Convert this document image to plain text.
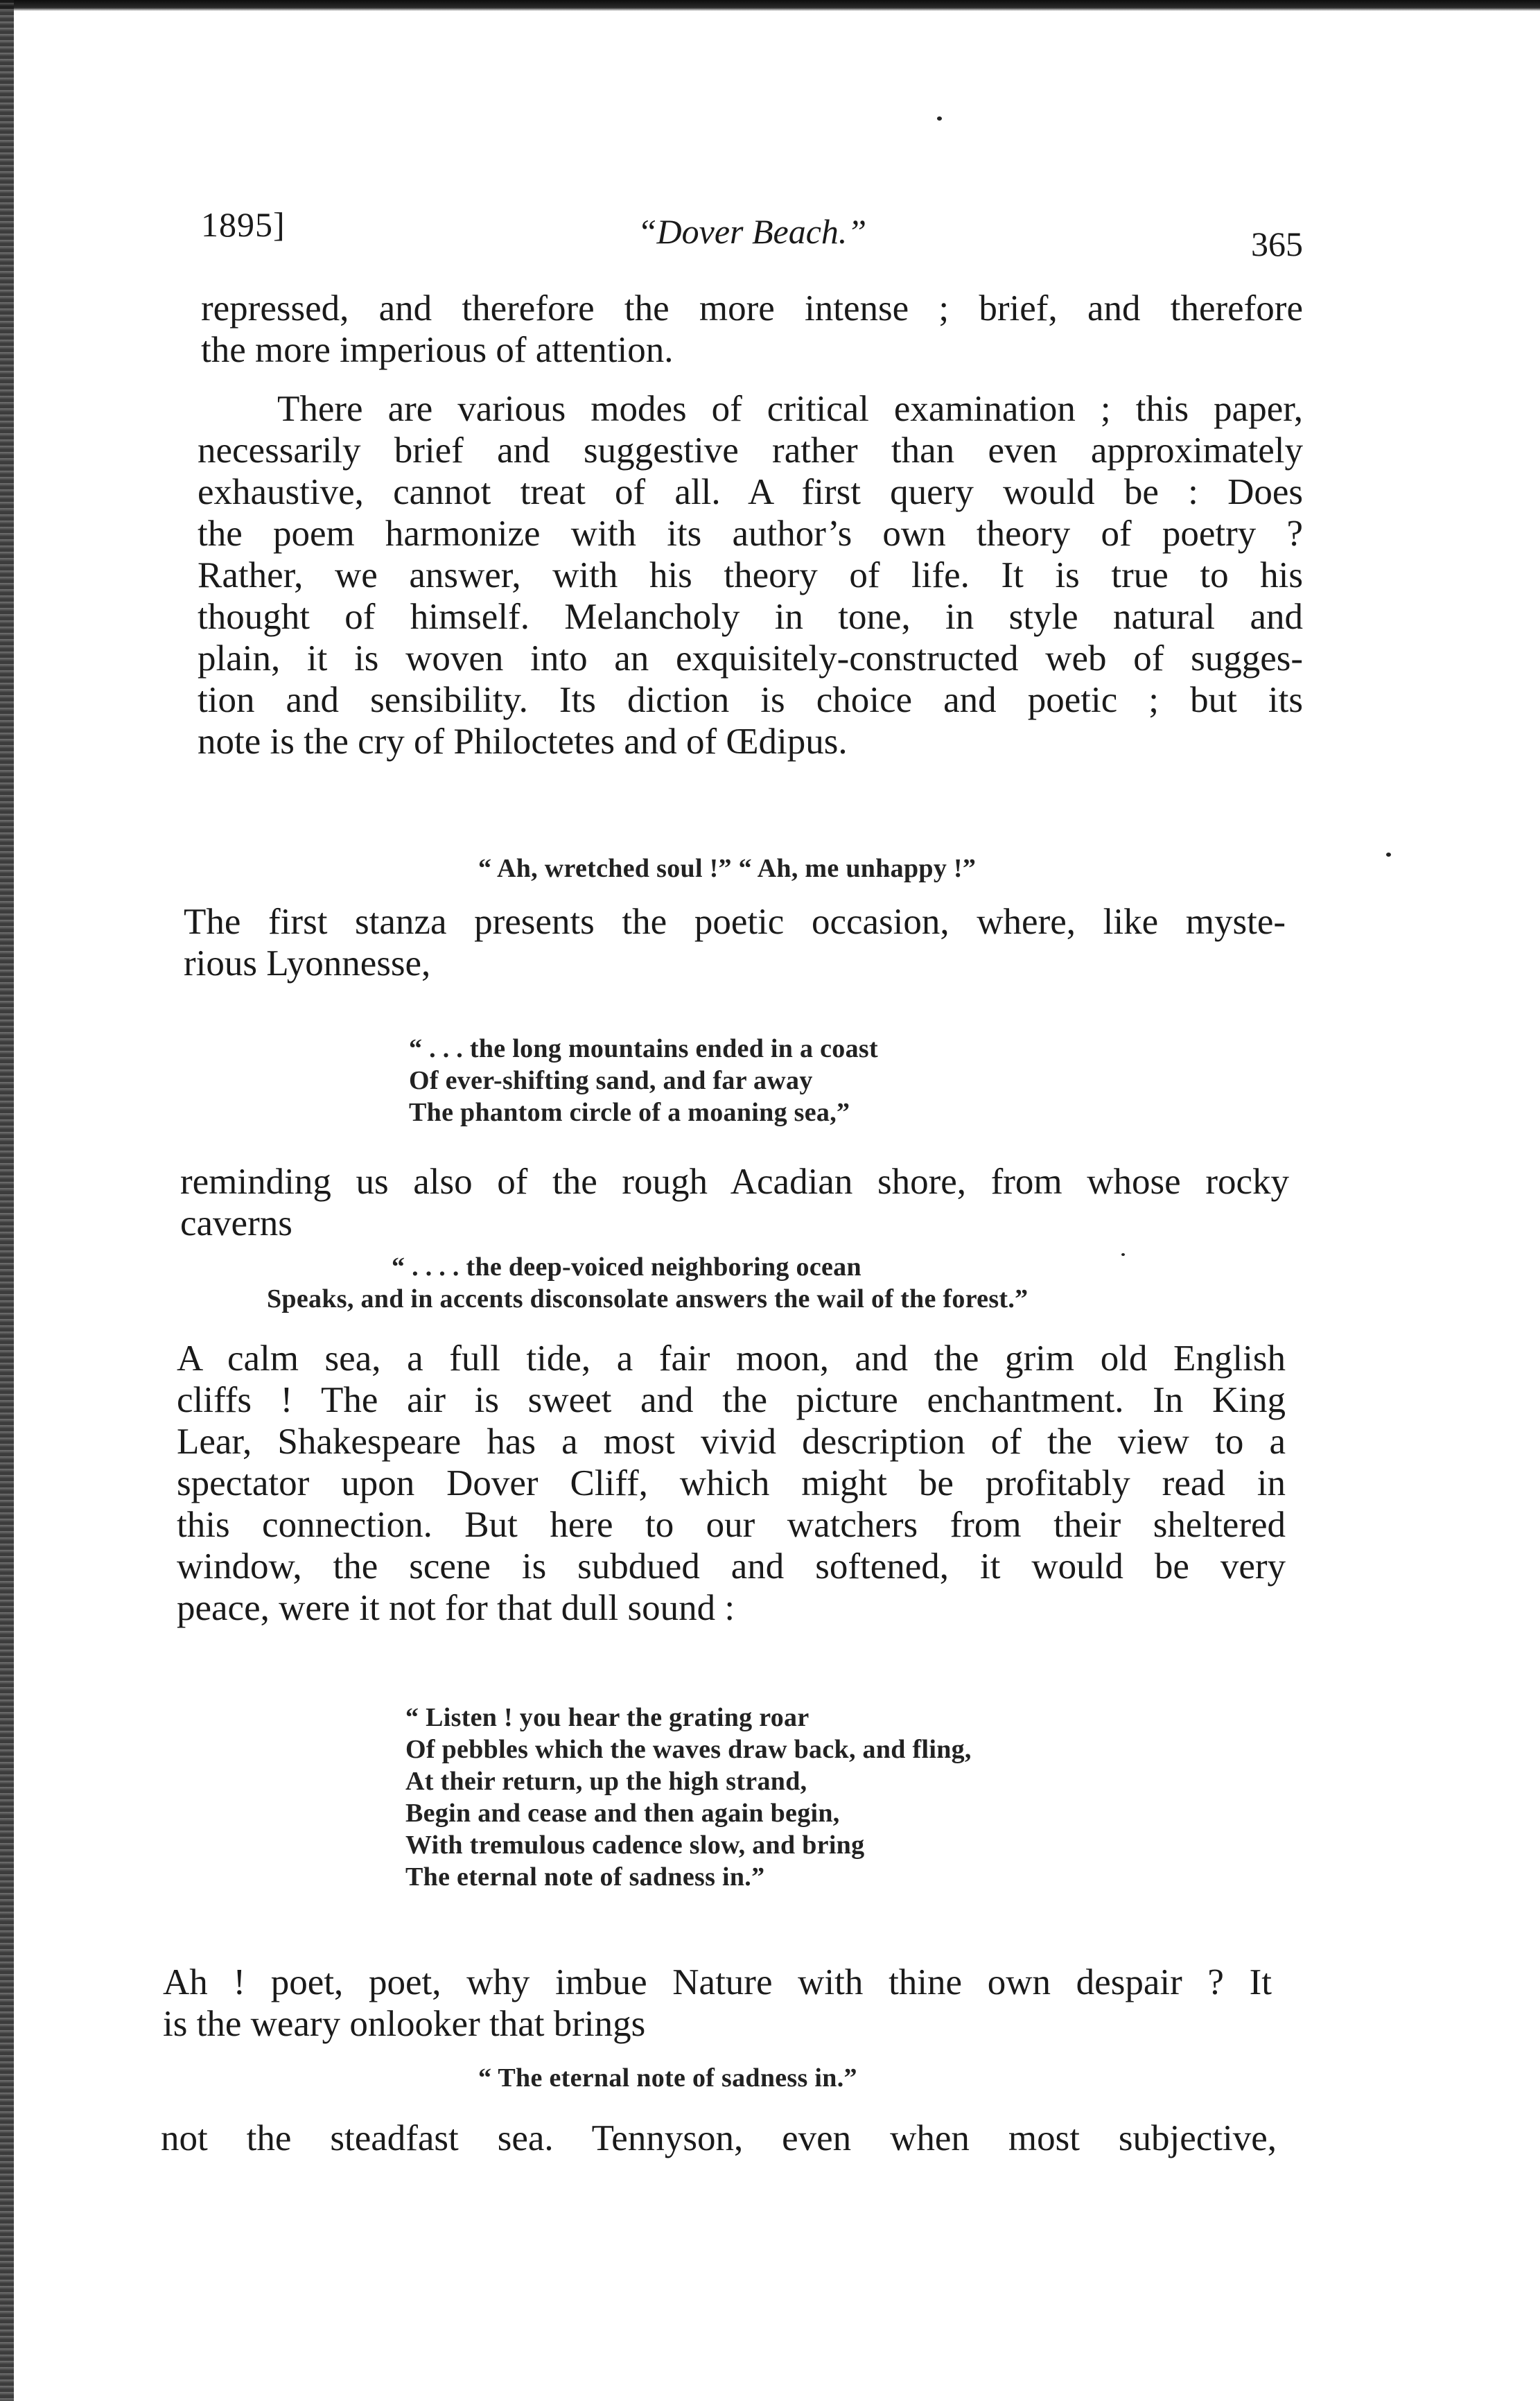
1895]	“Dover Beach.”	365
repressed, and therefore the more intense ; brief, and therefore
the more imperious of attention.
There are various modes of critical examination ; this paper,
necessarily brief and suggestive rather than even approximately
exhaustive, cannot treat of all. A first query would be : Does
the poem harmonize with its author’s own theory of poetry ?
Rather, we answer, with his theory of life. It is true to his
thought of himself. Melancholy in tone, in style natural and
plain, it is woven into an exquisitely-constructed web of sugges-
tion and sensibility. Its diction is choice and poetic ; but its
note is the cry of Philoctetes and of Œdipus.
“ Ah, wretched soul !” “ Ah, me unhappy !”
The first stanza presents the poetic occasion, where, like myste-
rious Lyonnesse,
“ . . . the long mountains ended in a coast
Of ever-shifting sand, and far away
The phantom circle of a moaning sea,”
reminding us also of the rough Acadian shore, from whose rocky
caverns
“ . . . . the deep-voiced neighboring ocean
Speaks, and in accents disconsolate answers the wail of the forest.”
A calm sea, a full tide, a fair moon, and the grim old English
cliffs ! The air is sweet and the picture enchantment. In King
Lear, Shakespeare has a most vivid description of the view to a
spectator upon Dover Cliff, which might be profitably read in
this connection. But here to our watchers from their sheltered
window, the scene is subdued and softened, it would be very
peace, were it not for that dull sound :
“ Listen ! you hear the grating roar
Of pebbles which the waves draw back, and fling,
At their return, up the high strand,
Begin and cease and then again begin,
With tremulous cadence slow, and bring
The eternal note of sadness in.”
Ah ! poet, poet, why imbue Nature with thine own despair ? It
is the weary onlooker that brings
“ The eternal note of sadness in.”
not the steadfast sea. Tennyson, even when most subjective,
